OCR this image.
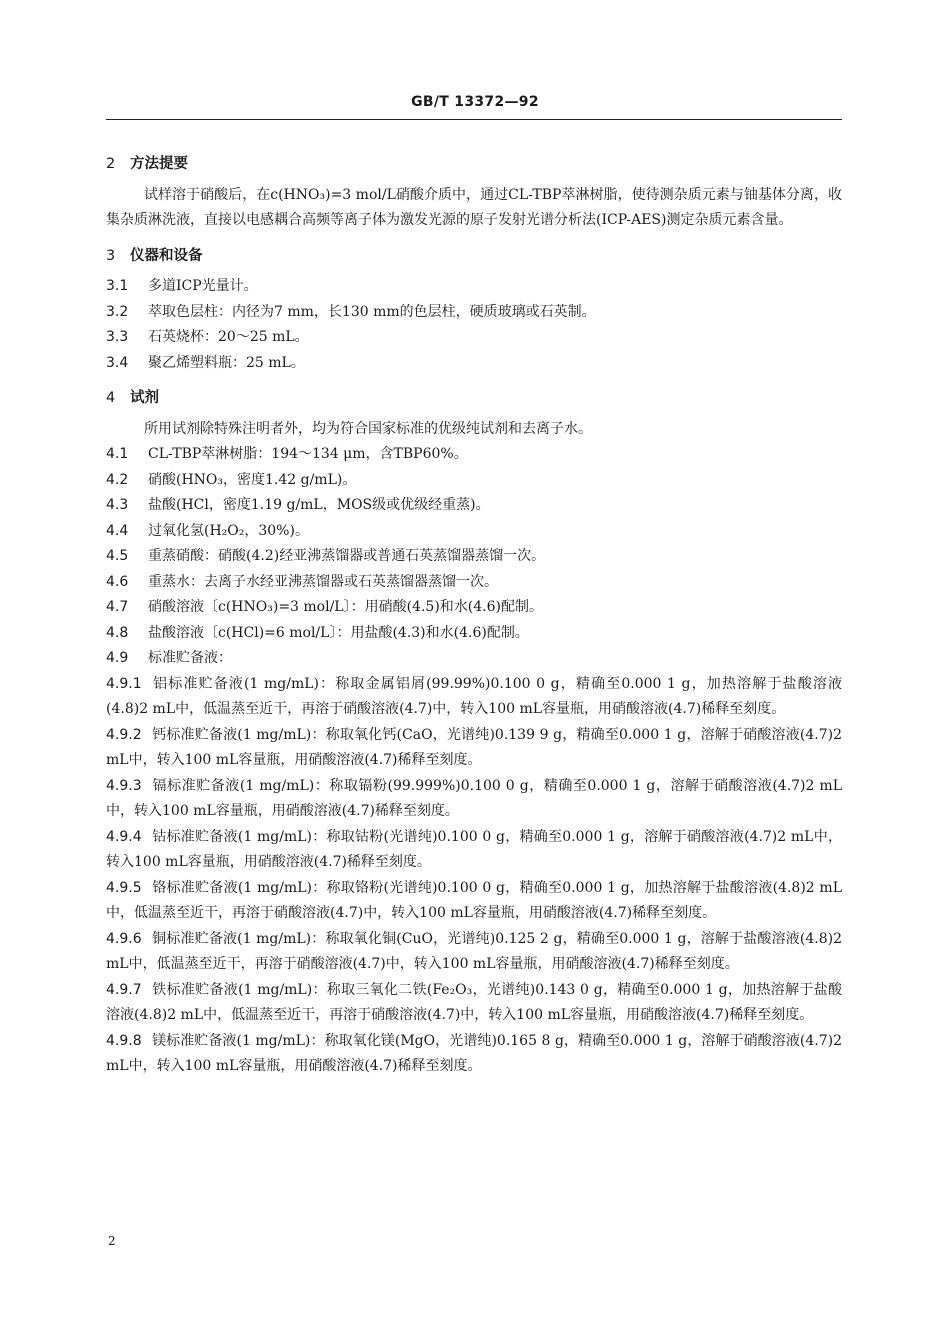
GB/T 13372—92
2 方法提要
试样溶于硝酸后，在c(HNO₃)=3 mol/L硝酸介质中，通过CL-TBP萃淋树脂，使待测杂质元素与铀基体分离，收集杂质淋洗液，直接以电感耦合高频等离子体为激发光源的原子发射光谱分析法(ICP-AES)测定杂质元素含量。
3 仪器和设备
3.1	多道ICP光量计。
3.2	萃取色层柱：内径为7 mm，长130 mm的色层柱，硬质玻璃或石英制。
3.3	石英烧杯：20～25 mL。
3.4	聚乙烯塑料瓶：25 mL。
4 试剂
所用试剂除特殊注明者外，均为符合国家标准的优级纯试剂和去离子水。
4.1	CL-TBP萃淋树脂：194～134 μm，含TBP60%。
4.2	硝酸(HNO₃，密度1.42 g/mL)。
4.3	盐酸(HCl，密度1.19 g/mL，MOS级或优级经重蒸)。
4.4	过氧化氢(H₂O₂，30%)。
4.5	重蒸硝酸：硝酸(4.2)经亚沸蒸馏器或普通石英蒸馏器蒸馏一次。
4.6	重蒸水：去离子水经亚沸蒸馏器或石英蒸馏器蒸馏一次。
4.7	硝酸溶液〔c(HNO₃)=3 mol/L〕：用硝酸(4.5)和水(4.6)配制。
4.8	盐酸溶液〔c(HCl)=6 mol/L〕：用盐酸(4.3)和水(4.6)配制。
4.9	标准贮备液：
4.9.1 铝标准贮备液(1 mg/mL)：称取金属铝屑(99.99%)0.100 0 g，精确至0.000 1 g，加热溶解于盐酸溶液(4.8)2 mL中，低温蒸至近干，再溶于硝酸溶液(4.7)中，转入100 mL容量瓶，用硝酸溶液(4.7)稀释至刻度。
4.9.2 钙标准贮备液(1 mg/mL)：称取氧化钙(CaO，光谱纯)0.139 9 g，精确至0.000 1 g，溶解于硝酸溶液(4.7)2 mL中，转入100 mL容量瓶，用硝酸溶液(4.7)稀释至刻度。
4.9.3 镉标准贮备液(1 mg/mL)：称取镉粉(99.999%)0.100 0 g，精确至0.000 1 g，溶解于硝酸溶液(4.7)2 mL中，转入100 mL容量瓶，用硝酸溶液(4.7)稀释至刻度。
4.9.4 钴标准贮备液(1 mg/mL)：称取钴粉(光谱纯)0.100 0 g，精确至0.000 1 g，溶解于硝酸溶液(4.7)2 mL中，转入100 mL容量瓶，用硝酸溶液(4.7)稀释至刻度。
4.9.5 铬标准贮备液(1 mg/mL)：称取铬粉(光谱纯)0.100 0 g，精确至0.000 1 g，加热溶解于盐酸溶液(4.8)2 mL中，低温蒸至近干，再溶于硝酸溶液(4.7)中，转入100 mL容量瓶，用硝酸溶液(4.7)稀释至刻度。
4.9.6 铜标准贮备液(1 mg/mL)：称取氧化铜(CuO，光谱纯)0.125 2 g，精确至0.000 1 g，溶解于盐酸溶液(4.8)2 mL中，低温蒸至近干，再溶于硝酸溶液(4.7)中，转入100 mL容量瓶，用硝酸溶液(4.7)稀释至刻度。
4.9.7 铁标准贮备液(1 mg/mL)：称取三氧化二铁(Fe₂O₃，光谱纯)0.143 0 g，精确至0.000 1 g，加热溶解于盐酸溶液(4.8)2 mL中，低温蒸至近干，再溶于硝酸溶液(4.7)中，转入100 mL容量瓶，用硝酸溶液(4.7)稀释至刻度。
4.9.8 镁标准贮备液(1 mg/mL)：称取氧化镁(MgO，光谱纯)0.165 8 g，精确至0.000 1 g，溶解于硝酸溶液(4.7)2 mL中，转入100 mL容量瓶，用硝酸溶液(4.7)稀释至刻度。
2
